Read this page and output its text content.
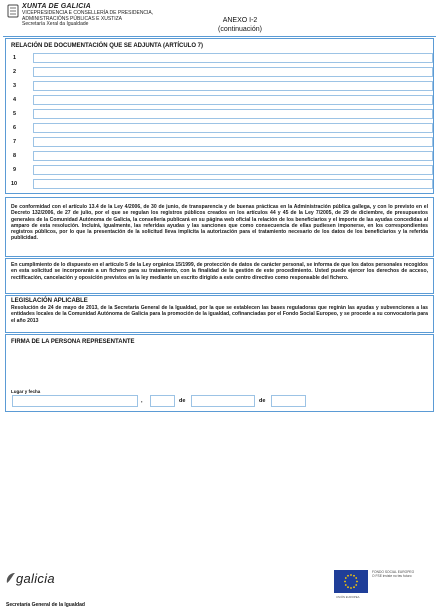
XUNTA DE GALICIA
VICEPRESIDENCIA E CONSELLERÍA DE PRESIDENCIA,
ADMINISTRACIÓNS PÚBLICAS E XUSTIZA
Secretaría Xeral da Igualdade
ANEXO I-2
(continuación)
RELACIÓN DE DOCUMENTACIÓN QUE SE ADJUNTA (ARTÍCULO 7)
1
2
3
4
5
6
7
8
9
10
De conformidad con el artículo 13.4 de la Ley 4/2006, de 30 de junio, de transparencia y de buenas prácticas en la Administración pública gallega, y con lo previsto en el Decreto 132/2006, de 27 de julio, por el que se regulan los registros públicos creados en los artículos 44 y 45 de la Ley 7/2005, de 29 de diciembre, de presupuestos generales de la Comunidad Autónoma de Galicia, la consellería publicará en su página web oficial la relación de los beneficiarios y el importe de las ayudas concedidas al amparo de esta resolución. Incluirá, igualmente, las referidas ayudas y las sanciones que como consecuencia de ellas pudiesen imponerse, en los correspondientes registros públicos, por lo que la presentación de la solicitud lleva implícita la autorización para el tratamiento necesario de los datos de los beneficiarios y la referida publicidad.
En cumplimiento de lo dispuesto en el artículo 5 de la Ley orgánica 15/1999, de protección de datos de carácter personal, se informa de que los datos personales recogidos en esta solicitud se incorporarán a un fichero para su tratamiento, con la finalidad de la gestión de este procedimiento. Usted puede ejercer los derechos de acceso, rectificación, cancelación y oposición previstos en la ley mediante un escrito dirigido a este centro directivo como responsable del fichero.
LEGISLACIÓN APLICABLE
Resolución de 24 de mayo de 2013, de la Secretaría General de la Igualdad, por la que se establecen las bases reguladoras que regirán las ayudas y subvenciones a las entidades locales de la Comunidad Autónoma de Galicia para la promoción de la igualdad, cofinanciadas por el Fondo Social Europeo, y se procede a su convocatoria para el año 2013
FIRMA DE LA PERSONA REPRESENTANTE
Lugar y fecha
,	de	de
galicia
Secretaría General de la Igualdad
FONDO SOCIAL EUROPEO
O FSE inviste no teu futuro
UNIÓN EUROPEA
